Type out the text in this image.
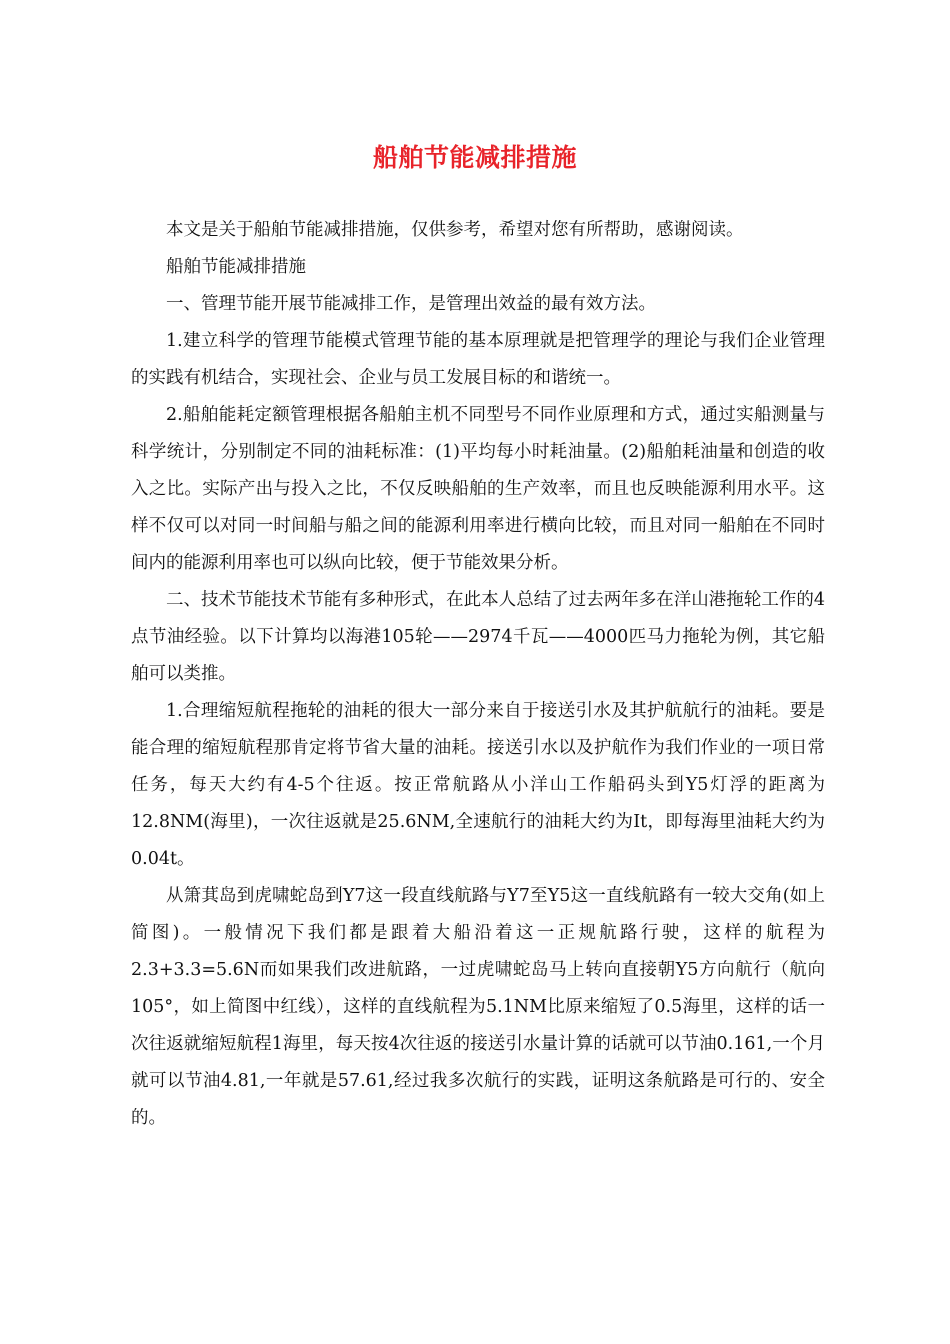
船舶节能减排措施

本文是关于船舶节能减排措施，仅供参考，希望对您有所帮助，感谢阅读。

船舶节能减排措施

一、管理节能开展节能减排工作，是管理出效益的最有效方法。

1.建立科学的管理节能模式管理节能的基本原理就是把管理学的理论与我们企业管理的实践有机结合，实现社会、企业与员工发展目标的和谐统一。

2.船舶能耗定额管理根据各船舶主机不同型号不同作业原理和方式，通过实船测量与科学统计，分别制定不同的油耗标准：(1)平均每小时耗油量。(2)船舶耗油量和创造的收入之比。实际产出与投入之比，不仅反映船舶的生产效率，而且也反映能源利用水平。这样不仅可以对同一时间船与船之间的能源利用率进行横向比较，而且对同一船舶在不同时间内的能源利用率也可以纵向比较，便于节能效果分析。

二、技术节能技术节能有多种形式，在此本人总结了过去两年多在洋山港拖轮工作的4点节油经验。以下计算均以海港105轮——2974千瓦——4000匹马力拖轮为例，其它船舶可以类推。

1.合理缩短航程拖轮的油耗的很大一部分来自于接送引水及其护航航行的油耗。要是能合理的缩短航程那肯定将节省大量的油耗。接送引水以及护航作为我们作业的一项日常任务，每天大约有4-5个往返。按正常航路从小洋山工作船码头到Y5灯浮的距离为12.8NM(海里)，一次往返就是25.6NM,全速航行的油耗大约为It，即每海里油耗大约为0.04t。

从箫萁岛到虎啸蛇岛到Y7这一段直线航路与Y7至Y5这一直线航路有一较大交角(如上简图)。一般情况下我们都是跟着大船沿着这一正规航路行驶，这样的航程为2.3+3.3=5.6N而如果我们改进航路，一过虎啸蛇岛马上转向直接朝Y5方向航行（航向105°，如上简图中红线），这样的直线航程为5.1NM比原来缩短了0.5海里，这样的话一次往返就缩短航程1海里，每天按4次往返的接送引水量计算的话就可以节油0.161,一个月就可以节油4.81,一年就是57.61,经过我多次航行的实践，证明这条航路是可行的、安全的。
